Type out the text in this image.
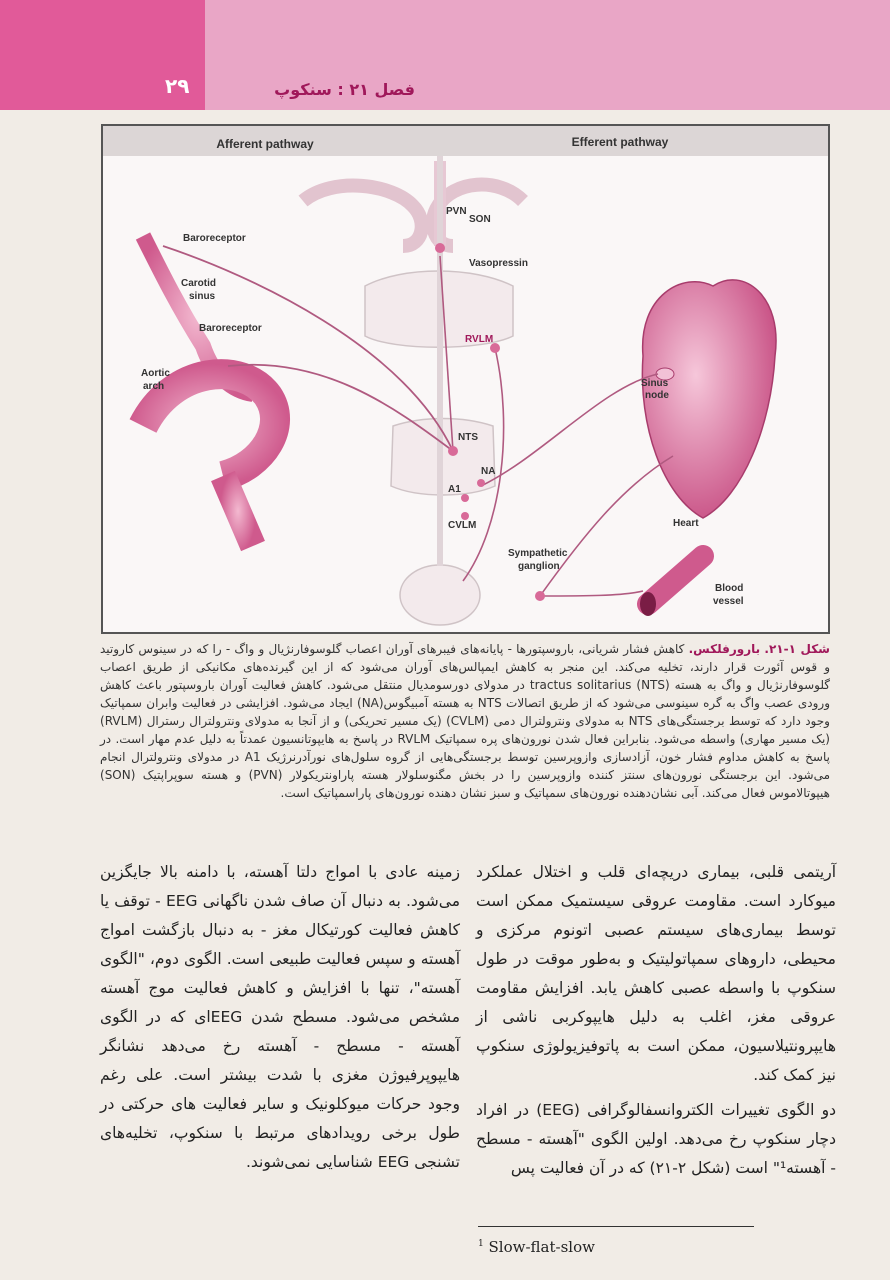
۲۹	فصل ۲۱ : سنکوپ
Afferent pathway	Efferent pathway
Baroreceptor
Carotid
sinus
Baroreceptor
Aortic
arch
PVN
SON
Vasopressin
RVLM
NTS
NA
A1
CVLM
Sinus
node
Heart
Sympathetic
ganglion
Blood
vessel
شکل ۱-۲۱. بارورفلکس. کاهش فشار شریانی، باروسپتورها - پایانه‌های فیبرهای آوران اعصاب گلوسوفارنژیال و واگ - را که در سینوس کاروتید و قوس آئورت قرار دارند، تخلیه می‌کند. این منجر به کاهش ایمپالس‌های آوران می‌شود که از این گیرنده‌های مکانیکی از طریق اعصاب گلوسوفارنژیال و واگ به هسته tractus solitarius (NTS) در مدولای دورسومدیال منتقل می‌شود. کاهش فعالیت آوران باروسپتور باعث کاهش ورودی عصب واگ به گره سینوسی می‌شود که از طریق اتصالات NTS به هسته آمبیگوس(NA) ایجاد می‌شود. افزایشی در فعالیت وابران سمپاتیک وجود دارد که توسط برجستگی‌های NTS به مدولای ونترولترال دمی (CVLM) (یک مسیر تحریکی) و از آنجا به مدولای ونترولترال رسترال (RVLM) (یک مسیر مهاری) واسطه می‌شود. بنابراین فعال شدن نورون‌های پره سمپاتیک RVLM در پاسخ به هایپوتانسیون عمدتاً به دلیل عدم مهار است. در پاسخ به کاهش مداوم فشار خون، آزادسازی وازوپرسین توسط برجستگی‌هایی از گروه سلول‌های نورآدرنرژیک A1 در مدولای ونترولترال انجام می‌شود. این برجستگی نورون‌های سنتز کننده وازوپرسین را در بخش مگنوسلولار هسته پاراونتریکولار (PVN) و هسته سوپراپتیک (SON) هیپوتالاموس فعال می‌کند. آبی نشان‌دهنده نورون‌های سمپاتیک و سبز نشان دهنده نورون‌های پاراسمپاتیک است.

آریتمی قلبی، بیماری دریچه‌ای قلب و اختلال عملکرد میوکارد است. مقاومت عروقی سیستمیک ممکن است توسط بیماری‌های سیستم عصبی اتونوم مرکزی و محیطی، داروهای سمپاتولیتیک و به‌طور موقت در طول سنکوپ با واسطه عصبی کاهش یابد. افزایش مقاومت عروقی مغز، اغلب به دلیل هایپوکربی ناشی از هایپرونتیلاسیون، ممکن است به پاتوفیزیولوژی سنکوپ نیز کمک کند.

دو الگوی تغییرات الکتروانسفالوگرافی (EEG) در افراد دچار سنکوپ رخ می‌دهد. اولین الگوی "آهسته - مسطح - آهسته¹" است (شکل ۲-۲۱) که در آن فعالیت پس

زمینه عادی با امواج دلتا آهسته، با دامنه بالا جایگزین می‌شود. به دنبال آن صاف شدن ناگهانی EEG - توقف یا کاهش فعالیت کورتیکال مغز - به دنبال بازگشت امواج آهسته و سپس فعالیت طبیعی است. الگوی دوم، "الگوی آهسته"، تنها با افزایش و کاهش فعالیت موج آهسته مشخص می‌شود. مسطح شدن EEGای که در الگوی آهسته - مسطح - آهسته رخ می‌دهد نشانگر هایپوپرفیوژن مغزی با شدت بیشتر است. علی رغم وجود حرکات میوکلونیک و سایر فعالیت های حرکتی در طول برخی رویدادهای مرتبط با سنکوپ، تخلیه‌های تشنجی EEG شناسایی نمی‌شوند.

$^1$ Slow-flat-slow
